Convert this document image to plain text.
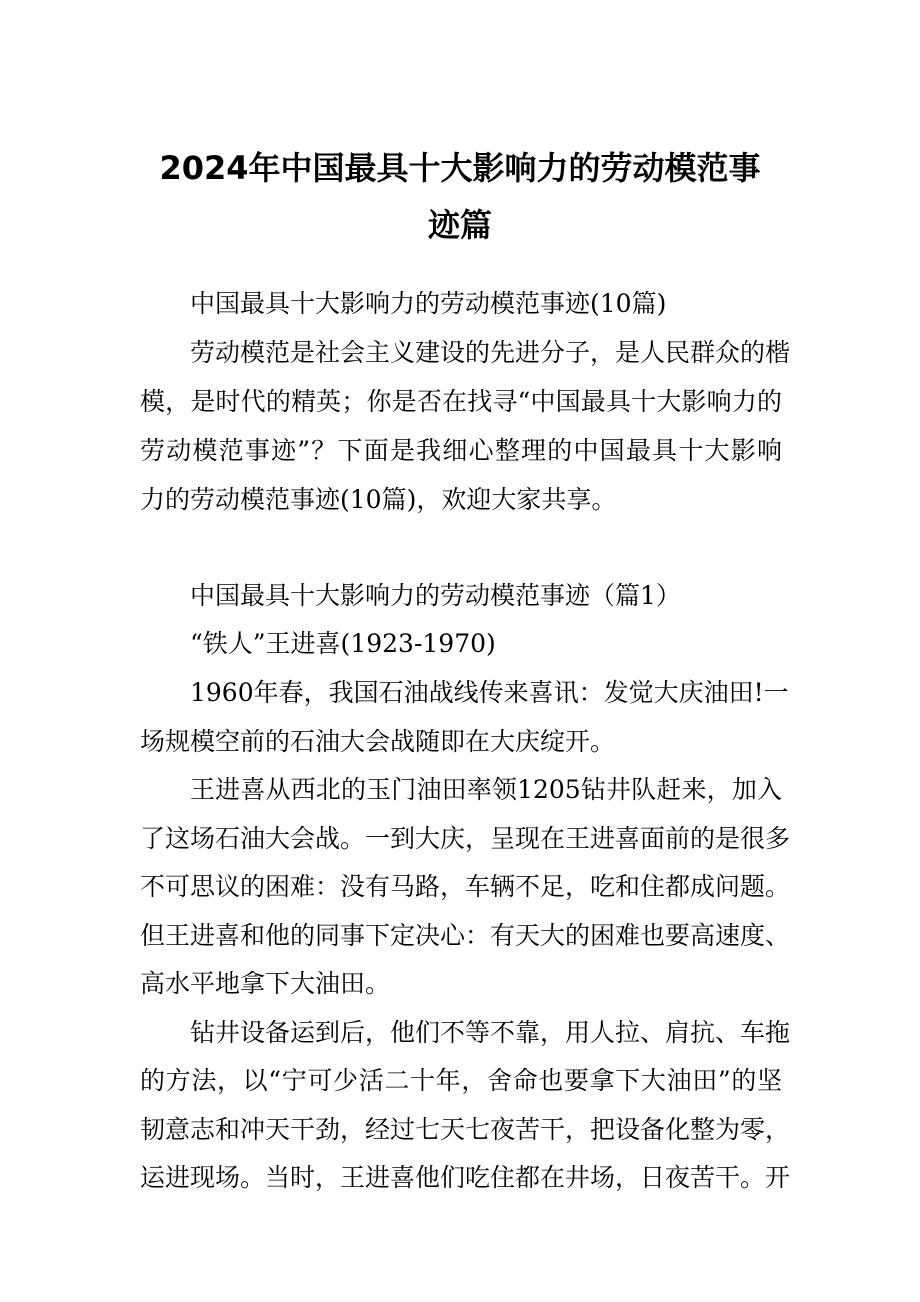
2024年中国最具十大影响力的劳动模范事
迹篇
中国最具十大影响力的劳动模范事迹(10篇)
劳动模范是社会主义建设的先进分子，是人民群众的楷
模，是时代的精英；你是否在找寻“中国最具十大影响力的
劳动模范事迹”？下面是我细心整理的中国最具十大影响
力的劳动模范事迹(10篇)，欢迎大家共享。
中国最具十大影响力的劳动模范事迹（篇1）
“铁人”王进喜(1923-1970)
1960年春，我国石油战线传来喜讯：发觉大庆油田!一
场规模空前的石油大会战随即在大庆绽开。
王进喜从西北的玉门油田率领1205钻井队赶来，加入
了这场石油大会战。一到大庆，呈现在王进喜面前的是很多
不可思议的困难：没有马路，车辆不足，吃和住都成问题。
但王进喜和他的同事下定决心：有天大的困难也要高速度、
高水平地拿下大油田。
钻井设备运到后，他们不等不靠，用人拉、肩抗、车拖
的方法，以“宁可少活二十年，舍命也要拿下大油田”的坚
韧意志和冲天干劲，经过七天七夜苦干，把设备化整为零，
运进现场。当时，王进喜他们吃住都在井场，日夜苦干。开
